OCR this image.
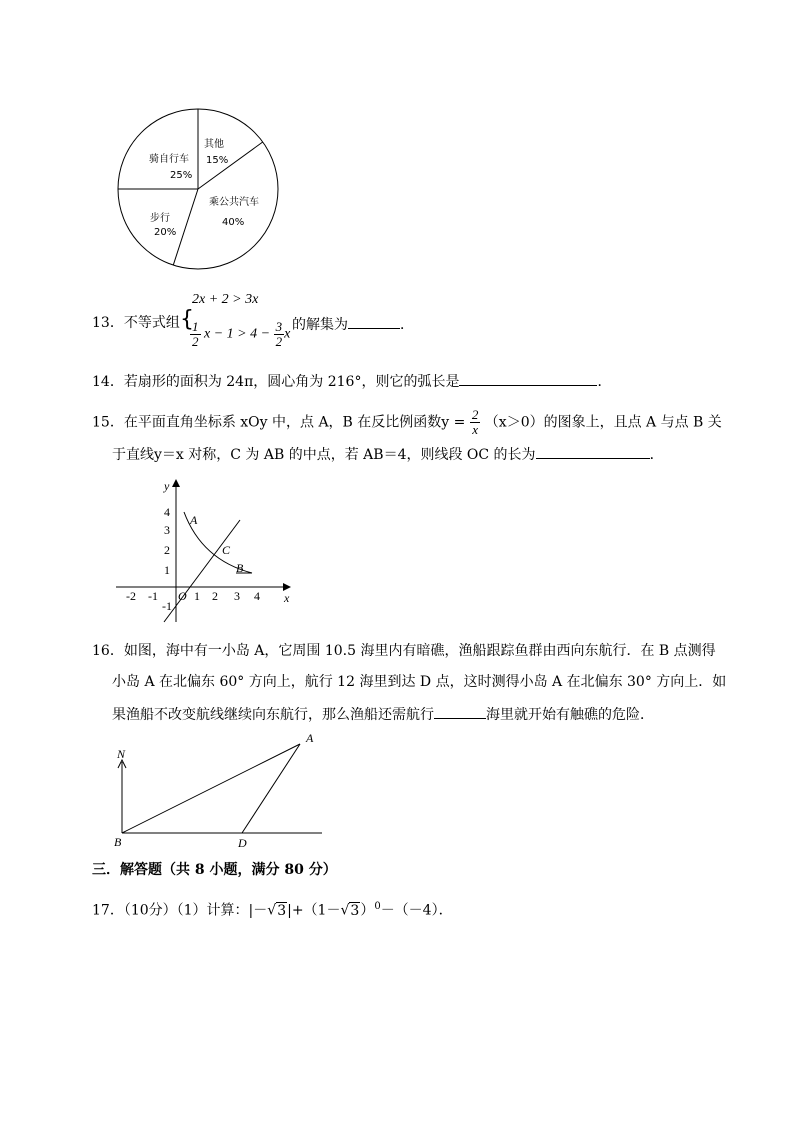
其他
15%
乘公共汽车
40%
步行
20%
骑自行车
25%
13．不等式组 {
2x + 2 > 3x
$\frac{1}{2}$ $x - 1 > 4 - \frac{3}{2}$ x
的解集为	．
14．若扇形的面积为 24π，圆心角为 216°，则它的弧长是	．
15．在平面直角坐标系 xOy 中，点 A，B 在反比例函数$y = \frac{2}{x} (x>0)$的图象上，且点 A 与点 B 关
于直线y＝x 对称，C 为 AB 的中点，若 AB＝4，则线段 OC 的长为	．
y
x
O
4
3
2
1
-1
-2 -1	1 2 3 4
A
C
B
16．如图，海中有一小岛 A，它周围 10.5 海里内有暗礁，渔船跟踪鱼群由西向东航行．在 B 点测得
小岛 A 在北偏东 60° 方向上，航行 12 海里到达 D 点，这时测得小岛 A 在北偏东 30° 方向上．如
果渔船不改变航线继续向东航行，那么渔船还需航行	海里就开始有触礁的危险．
N
A
B	D
三．解答题（共 8 小题，满分 80 分）
17．（10分）（1）计算：$|-√3|+(1-√3)^0-(-4)$．
